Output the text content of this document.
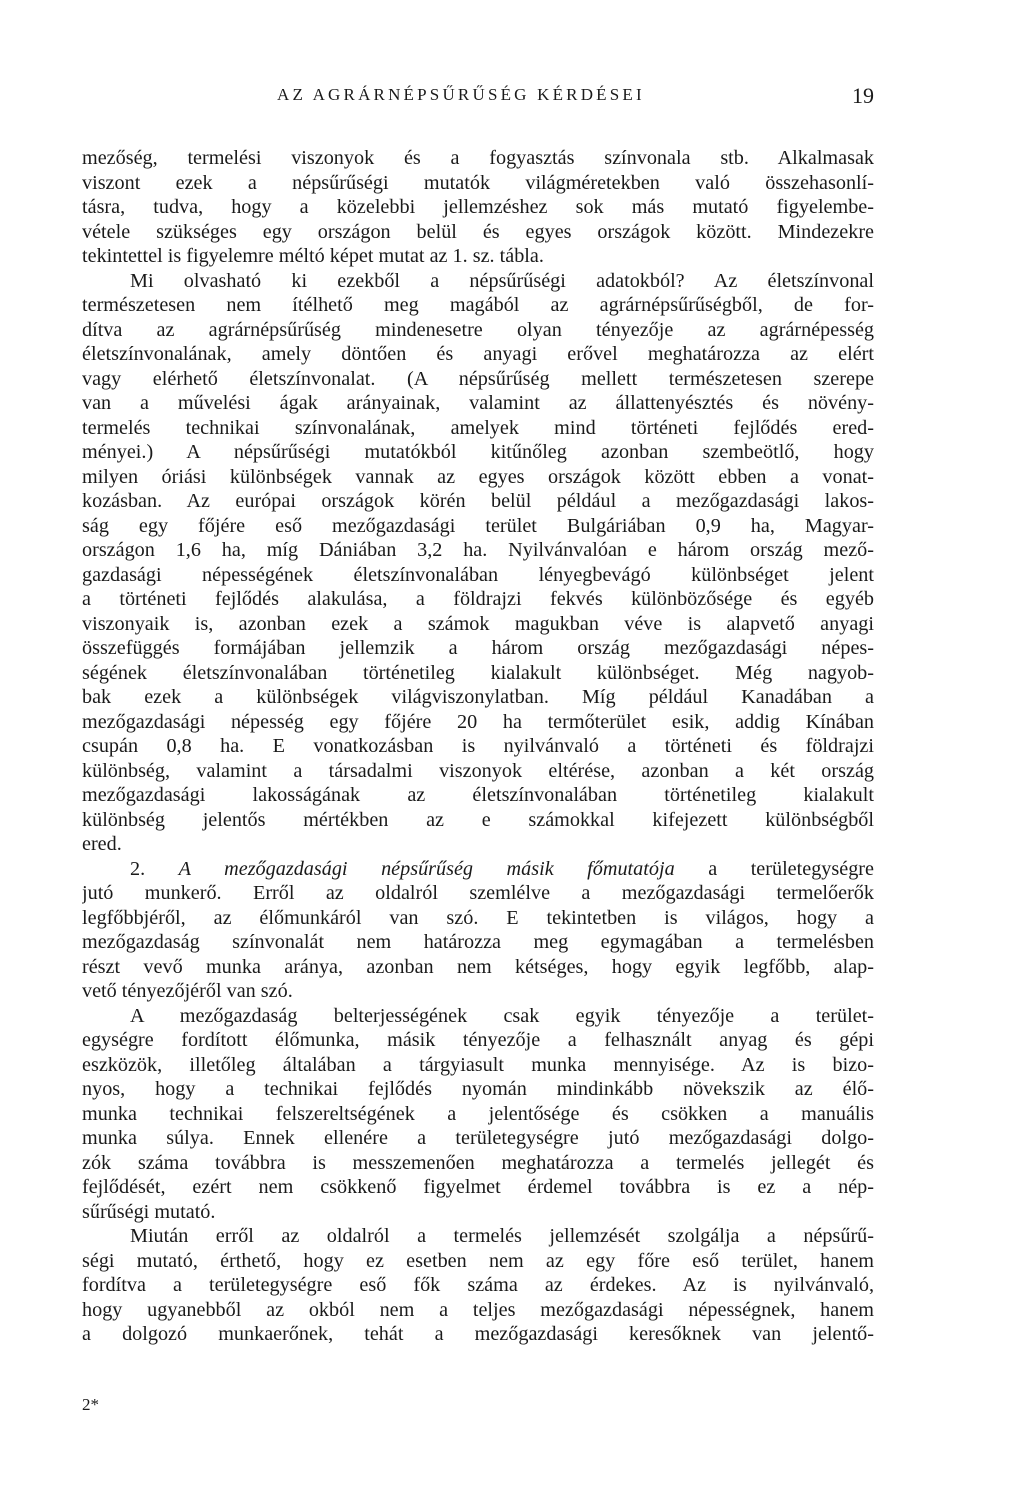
AZ AGRÁRNÉPSŰRŰSÉG KÉRDÉSEI	19
mezőség, termelési viszonyok és a fogyasztás színvonala stb. Alkalmasak
viszont ezek a népsűrűségi mutatók világméretekben való összehasonlí-
tásra, tudva, hogy a közelebbi jellemzéshez sok más mutató figyelembe-
vétele szükséges egy országon belül és egyes országok között. Mindezekre
tekintettel is figyelemre méltó képet mutat az 1. sz. tábla.
Mi olvasható ki ezekből a népsűrűségi adatokból? Az életszínvonal
természetesen nem ítélhető meg magából az agrárnépsűrűségből, de for-
dítva az agrárnépsűrűség mindenesetre olyan tényezője az agrárnépesség
életszínvonalának, amely döntően és anyagi erővel meghatározza az elért
vagy elérhető életszínvonalat. (A népsűrűség mellett természetesen szerepe
van a művelési ágak arányainak, valamint az állattenyésztés és növény-
termelés technikai színvonalának, amelyek mind történeti fejlődés ered-
ményei.) A népsűrűségi mutatókból kitűnőleg azonban szembeötlő, hogy
milyen óriási különbségek vannak az egyes országok között ebben a vonat-
kozásban. Az európai országok körén belül például a mezőgazdasági lakos-
ság egy főjére eső mezőgazdasági terület Bulgáriában 0,9 ha, Magyar-
országon 1,6 ha, míg Dániában 3,2 ha. Nyilvánvalóan e három ország mező-
gazdasági népességének életszínvonalában lényegbevágó különbséget jelent
a történeti fejlődés alakulása, a földrajzi fekvés különbözősége és egyéb
viszonyaik is, azonban ezek a számok magukban véve is alapvető anyagi
összefüggés formájában jellemzik a három ország mezőgazdasági népes-
ségének életszínvonalában történetileg kialakult különbséget. Még nagyob-
bak ezek a különbségek világviszonylatban. Míg például Kanadában a
mezőgazdasági népesség egy főjére 20 ha termőterület esik, addig Kínában
csupán 0,8 ha. E vonatkozásban is nyilvánvaló a történeti és földrajzi
különbség, valamint a társadalmi viszonyok eltérése, azonban a két ország
mezőgazdasági lakosságának az életszínvonalában történetileg kialakult
különbség jelentős mértékben az e számokkal kifejezett különbségből
ered.
2. A mezőgazdasági népsűrűség másik főmutatója a területegységre
jutó munkerő. Erről az oldalról szemlélve a mezőgazdasági termelőerők
legfőbbjéről, az élőmunkáról van szó. E tekintetben is világos, hogy a
mezőgazdaság színvonalát nem határozza meg egymagában a termelésben
részt vevő munka aránya, azonban nem kétséges, hogy egyik legfőbb, alap-
vető tényezőjéről van szó.
A mezőgazdaság belterjességének csak egyik tényezője a terület-
egységre fordított élőmunka, másik tényezője a felhasznált anyag és gépi
eszközök, illetőleg általában a tárgyiasult munka mennyisége. Az is bizo-
nyos, hogy a technikai fejlődés nyomán mindinkább növekszik az élő-
munka technikai felszereltségének a jelentősége és csökken a manuális
munka súlya. Ennek ellenére a területegységre jutó mezőgazdasági dolgo-
zók száma továbbra is messzemenően meghatározza a termelés jellegét és
fejlődését, ezért nem csökkenő figyelmet érdemel továbbra is ez a nép-
sűrűségi mutató.
Miután erről az oldalról a termelés jellemzését szolgálja a népsűrű-
ségi mutató, érthető, hogy ez esetben nem az egy főre eső terület, hanem
fordítva a területegységre eső fők száma az érdekes. Az is nyilvánvaló,
hogy ugyanebből az okból nem a teljes mezőgazdasági népességnek, hanem
a dolgozó munkaerőnek, tehát a mezőgazdasági keresőknek van jelentő-
2*
